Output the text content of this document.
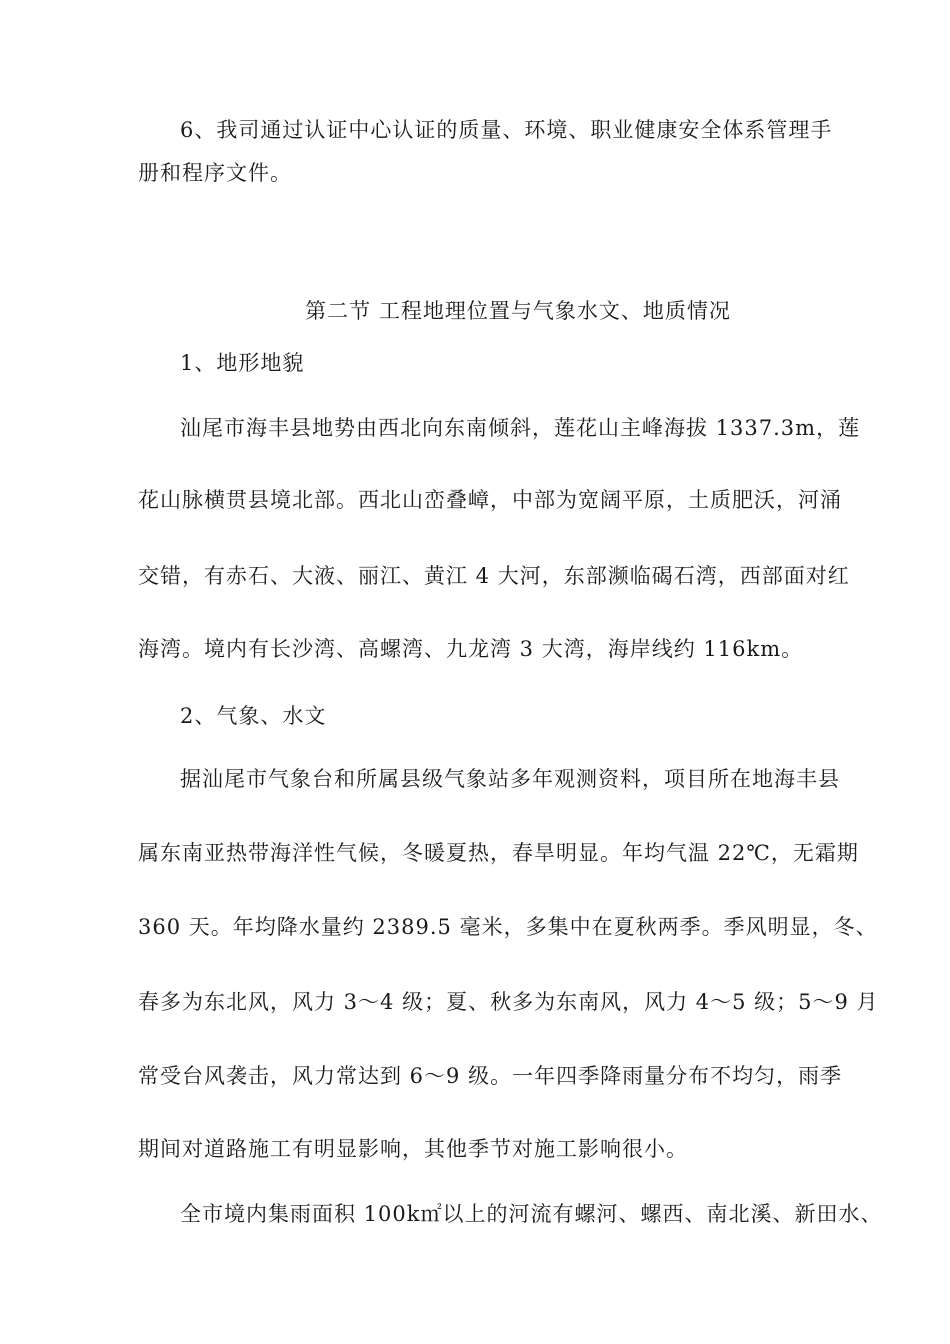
6、我司通过认证中心认证的质量、环境、职业健康安全体系管理手
册和程序文件。
第二节 工程地理位置与气象水文、地质情况
1、地形地貌
汕尾市海丰县地势由西北向东南倾斜，莲花山主峰海拔 1337.3m，莲
花山脉横贯县境北部。西北山峦叠嶂，中部为宽阔平原，土质肥沃，河涌
交错，有赤石、大液、丽江、黄江 4 大河，东部濒临碣石湾，西部面对红
海湾。境内有长沙湾、高螺湾、九龙湾 3 大湾，海岸线约 116km。
2、气象、水文
据汕尾市气象台和所属县级气象站多年观测资料，项目所在地海丰县
属东南亚热带海洋性气候，冬暖夏热，春旱明显。年均气温 22℃，无霜期
360 天。年均降水量约 2389.5 毫米，多集中在夏秋两季。季风明显，冬、
春多为东北风，风力 3～4 级；夏、秋多为东南风，风力 4～5 级；5～9 月
常受台风袭击，风力常达到 6～9 级。一年四季降雨量分布不均匀，雨季
期间对道路施工有明显影响，其他季节对施工影响很小。
全市境内集雨面积 100k㎡以上的河流有螺河、螺西、南北溪、新田水、
